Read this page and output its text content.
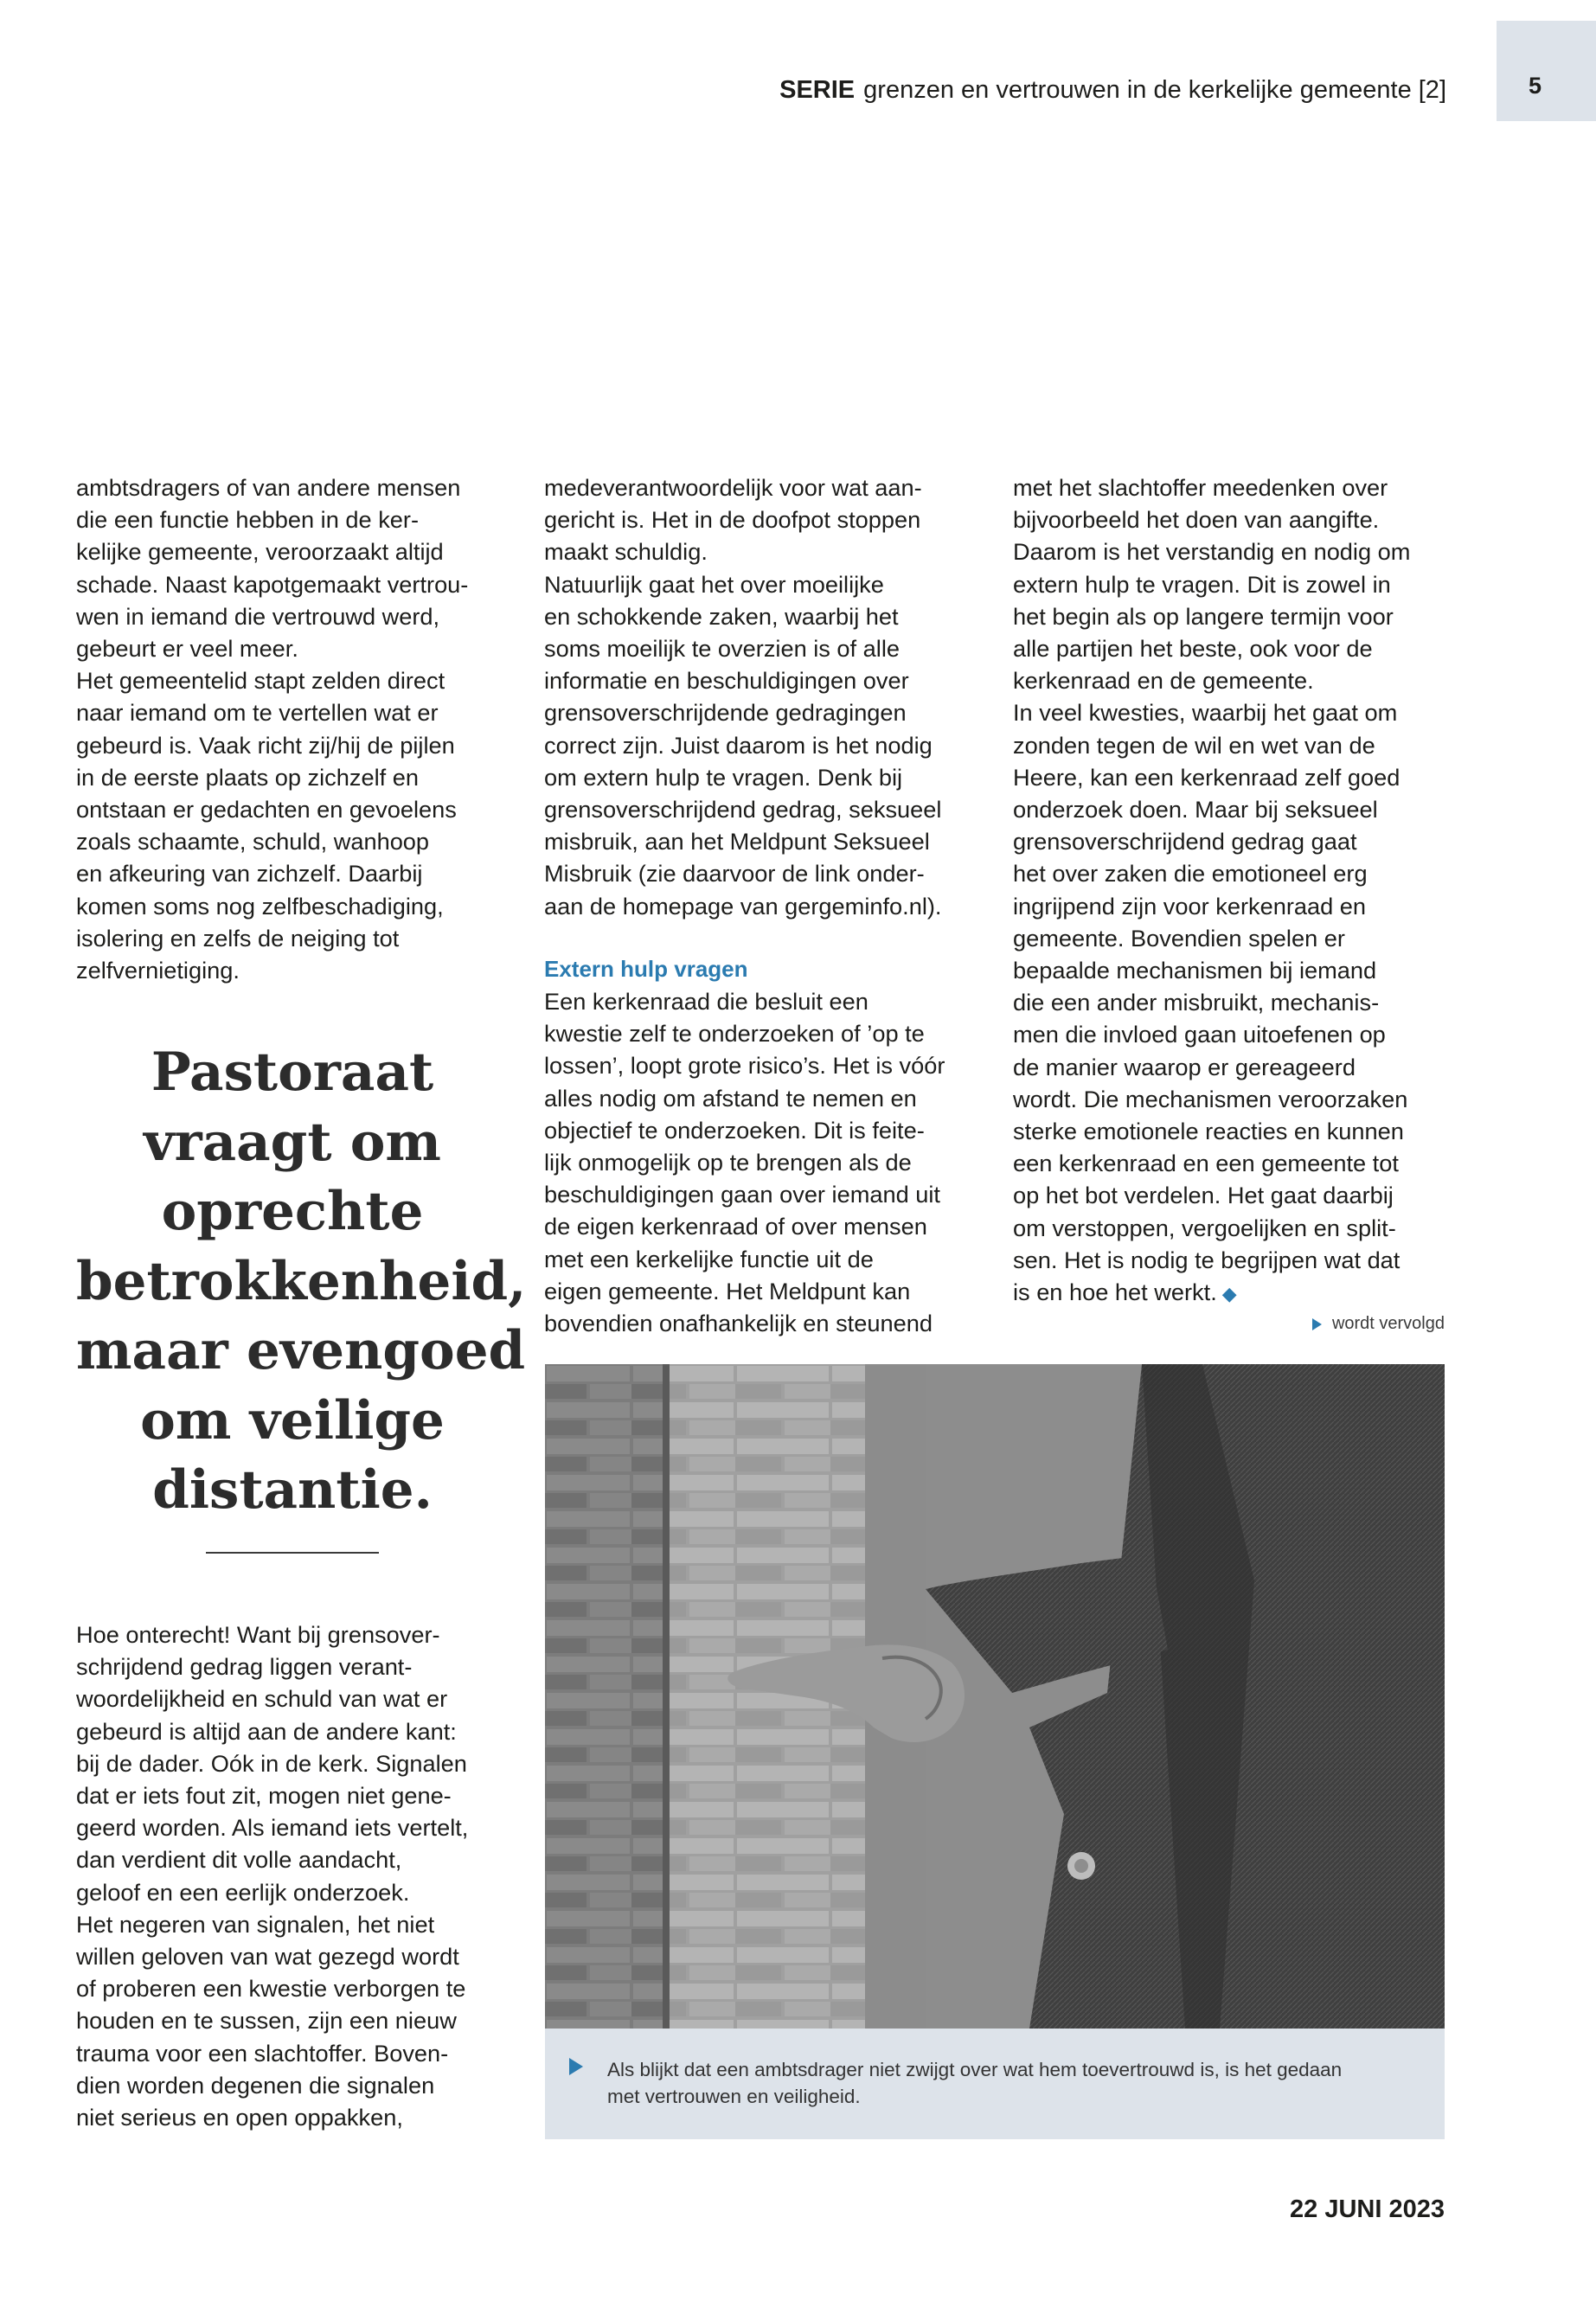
5
SERIE grenzen en vertrouwen in de kerkelijke gemeente [2]

ambtsdragers of van andere mensen

die een functie hebben in de ker-

kelijke gemeente, veroorzaakt altijd

schade. Naast kapotgemaakt vertrou-

wen in iemand die vertrouwd werd,

gebeurt er veel meer.

Het gemeentelid stapt zelden direct

naar iemand om te vertellen wat er

gebeurd is. Vaak richt zij/hij de pijlen

in de eerste plaats op zichzelf en

ontstaan er gedachten en gevoelens

zoals schaamte, schuld, wanhoop

en afkeuring van zichzelf. Daarbij

komen soms nog zelfbeschadiging,

isolering en zelfs de neiging tot

zelfvernietiging.

Pastoraat

vraagt om

oprechte

betrokkenheid,

maar evengoed

om veilige

distantie.

Hoe onterecht! Want bij grensover-

schrijdend gedrag liggen verant-

woordelijkheid en schuld van wat er

gebeurd is altijd aan de andere kant:

bij de dader. Oók in de kerk. Signalen

dat er iets fout zit, mogen niet gene-

geerd worden. Als iemand iets vertelt,

dan verdient dit volle aandacht,

geloof en een eerlijk onderzoek.

Het negeren van signalen, het niet

willen geloven van wat gezegd wordt

of proberen een kwestie verborgen te

houden en te sussen, zijn een nieuw

trauma voor een slachtoffer. Boven-

dien worden degenen die signalen

niet serieus en open oppakken,

medeverantwoordelijk voor wat aan-

gericht is. Het in de doofpot stoppen

maakt schuldig.

Natuurlijk gaat het over moeilijke

en schokkende zaken, waarbij het

soms moeilijk te overzien is of alle

informatie en beschuldigingen over

grensoverschrijdende gedragingen

correct zijn. Juist daarom is het nodig

om extern hulp te vragen. Denk bij

grensoverschrijdend gedrag, seksueel

misbruik, aan het Meldpunt Seksueel

Misbruik (zie daarvoor de link onder-

aan de homepage van gergeminfo.nl).

Extern hulp vragen

Een kerkenraad die besluit een

kwestie zelf te onderzoeken of ’op te

lossen’, loopt grote risico’s. Het is vóór

alles nodig om afstand te nemen en

objectief te onderzoeken. Dit is feite-

lijk onmogelijk op te brengen als de

beschuldigingen gaan over iemand uit

de eigen kerkenraad of over mensen

met een kerkelijke functie uit de

eigen gemeente. Het Meldpunt kan

bovendien onafhankelijk en steunend

met het slachtoffer meedenken over

bijvoorbeeld het doen van aangifte.

Daarom is het verstandig en nodig om

extern hulp te vragen. Dit is zowel in

het begin als op langere termijn voor

alle partijen het beste, ook voor de

kerkenraad en de gemeente.

In veel kwesties, waarbij het gaat om

zonden tegen de wil en wet van de

Heere, kan een kerkenraad zelf goed

onderzoek doen. Maar bij seksueel

grensoverschrijdend gedrag gaat

het over zaken die emotioneel erg

ingrijpend zijn voor kerkenraad en

gemeente. Bovendien spelen er

bepaalde mechanismen bij iemand

die een ander misbruikt, mechanis-

men die invloed gaan uitoefenen op

de manier waarop er gereageerd

wordt. Die mechanismen veroorzaken

sterke emotionele reacties en kunnen

een kerkenraad en een gemeente tot

op het bot verdelen. Het gaat daarbij

om verstoppen, vergoelijken en split-

sen. Het is nodig te begrijpen wat dat

is en hoe het werkt. ◆

wordt vervolgd

Als blijkt dat een ambtsdrager niet zwijgt over wat hem toevertrouwd is, is het gedaan

met vertrouwen en veiligheid.

22 JUNI 2023
